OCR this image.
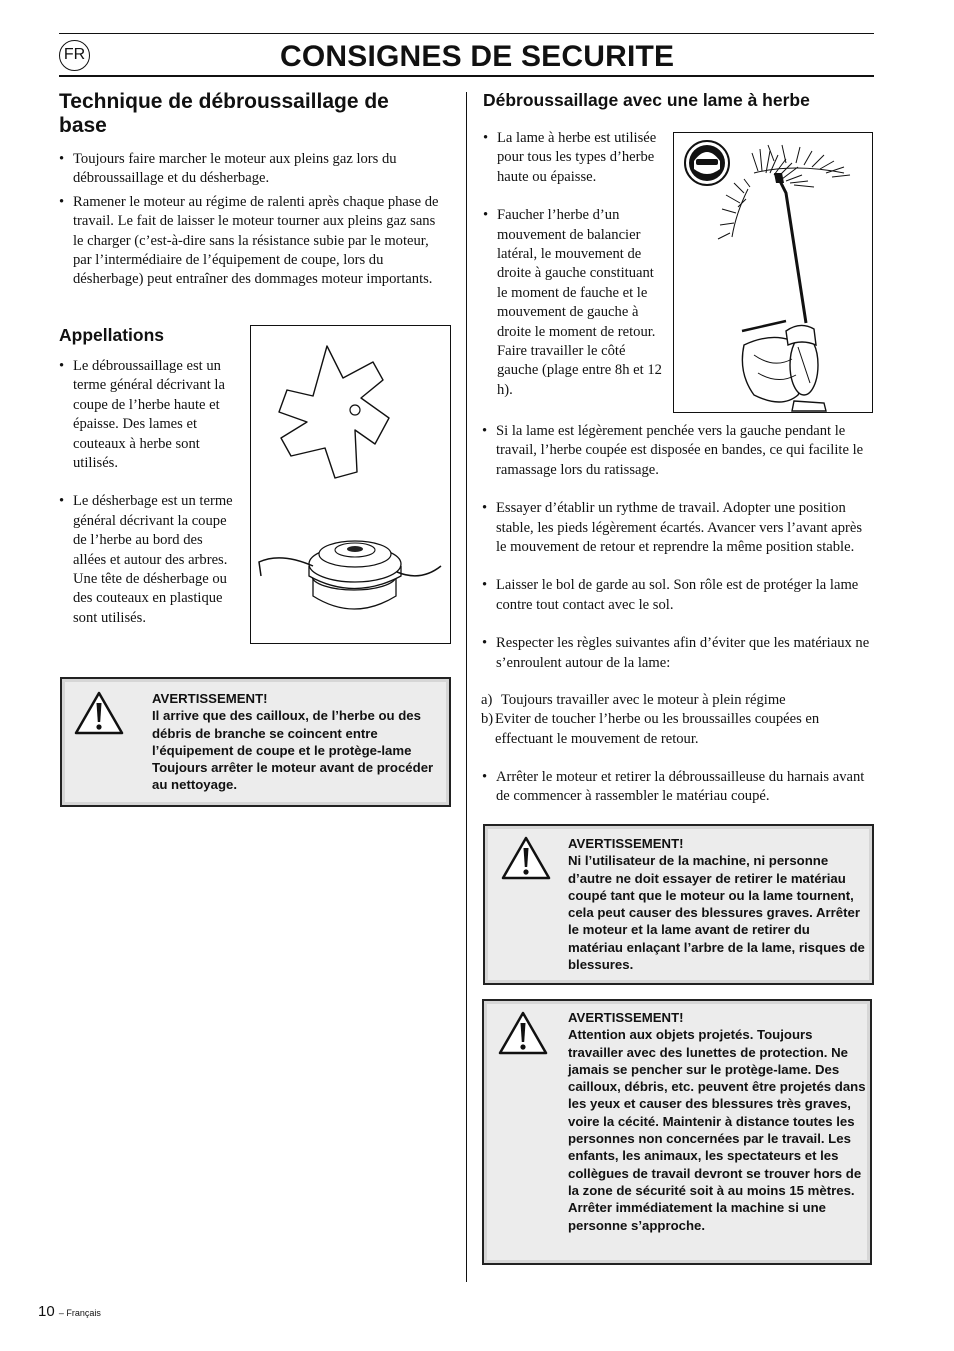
FR	CONSIGNES DE SECURITE
Technique de débroussaillage de base
• Toujours faire marcher le moteur aux pleins gaz lors du débroussaillage et du désherbage.
• Ramener le moteur au régime de ralenti après chaque phase de travail. Le fait de laisser le moteur tourner aux pleins gaz sans le charger (c’est-à-dire sans la résistance subie par le moteur, par l’intermédiaire de l’équipement de coupe, lors du désherbage) peut entraîner des dommages moteur importants.
Appellations
• Le débroussaillage est un terme général décrivant la coupe de l’herbe haute et épaisse. Des lames et couteaux à herbe sont utilisés.
• Le désherbage est un terme général décrivant la coupe de l’herbe au bord des allées et autour des arbres. Une tête de désherbage ou des couteaux en plastique sont utilisés.
AVERTISSEMENT!
Il arrive que des cailloux, de l’herbe ou des débris de branche se coincent entre l’équipement de coupe et le protège-lame Toujours arrêter le moteur avant de procéder au nettoyage.
Débroussaillage avec une lame à herbe
• La lame à herbe est utilisée pour tous les types d’herbe haute ou épaisse.
• Faucher l’herbe d’un mouvement de balancier latéral, le mouvement de droite à gauche constituant le moment de fauche et le mouvement de gauche à droite le moment de retour. Faire travailler le côté gauche (plage entre 8h et 12 h).
• Si la lame est légèrement penchée vers la gauche pendant le travail, l’herbe coupée est disposée en bandes, ce qui facilite le ramassage lors du ratissage.
• Essayer d’établir un rythme de travail. Adopter une position stable, les pieds légèrement écartés. Avancer vers l’avant après le mouvement de retour et reprendre la même position stable.
• Laisser le bol de garde au sol. Son rôle est de protéger la lame contre tout contact avec le sol.
• Respecter les règles suivantes afin d’éviter que les matériaux ne s’enroulent autour de la lame:
a) Toujours travailler avec le moteur à plein régime
b) Eviter de toucher l’herbe ou les broussailles coupées en effectuant le mouvement de retour.
• Arrêter le moteur et retirer la débroussailleuse du harnais avant de commencer à rassembler le matériau coupé.
AVERTISSEMENT!
Ni l’utilisateur de la machine, ni personne d’autre ne doit essayer de retirer le matériau coupé tant que le moteur ou la lame tournent, cela peut causer des blessures graves. Arrêter le moteur et la lame avant de retirer du matériau enlaçant l’arbre de la lame, risques de blessures.
AVERTISSEMENT!
Attention aux objets projetés. Toujours travailler avec des lunettes de protection. Ne jamais se pencher sur le protège-lame. Des cailloux, débris, etc. peuvent être projetés dans les yeux et causer des blessures très graves, voire la cécité. Maintenir à distance toutes les personnes non concernées par le travail. Les enfants, les animaux, les spectateurs et les collègues de travail devront se trouver hors de la zone de sécurité soit à au moins 15 mètres. Arrêter immédiatement la machine si une personne s’approche.
10 – Français
